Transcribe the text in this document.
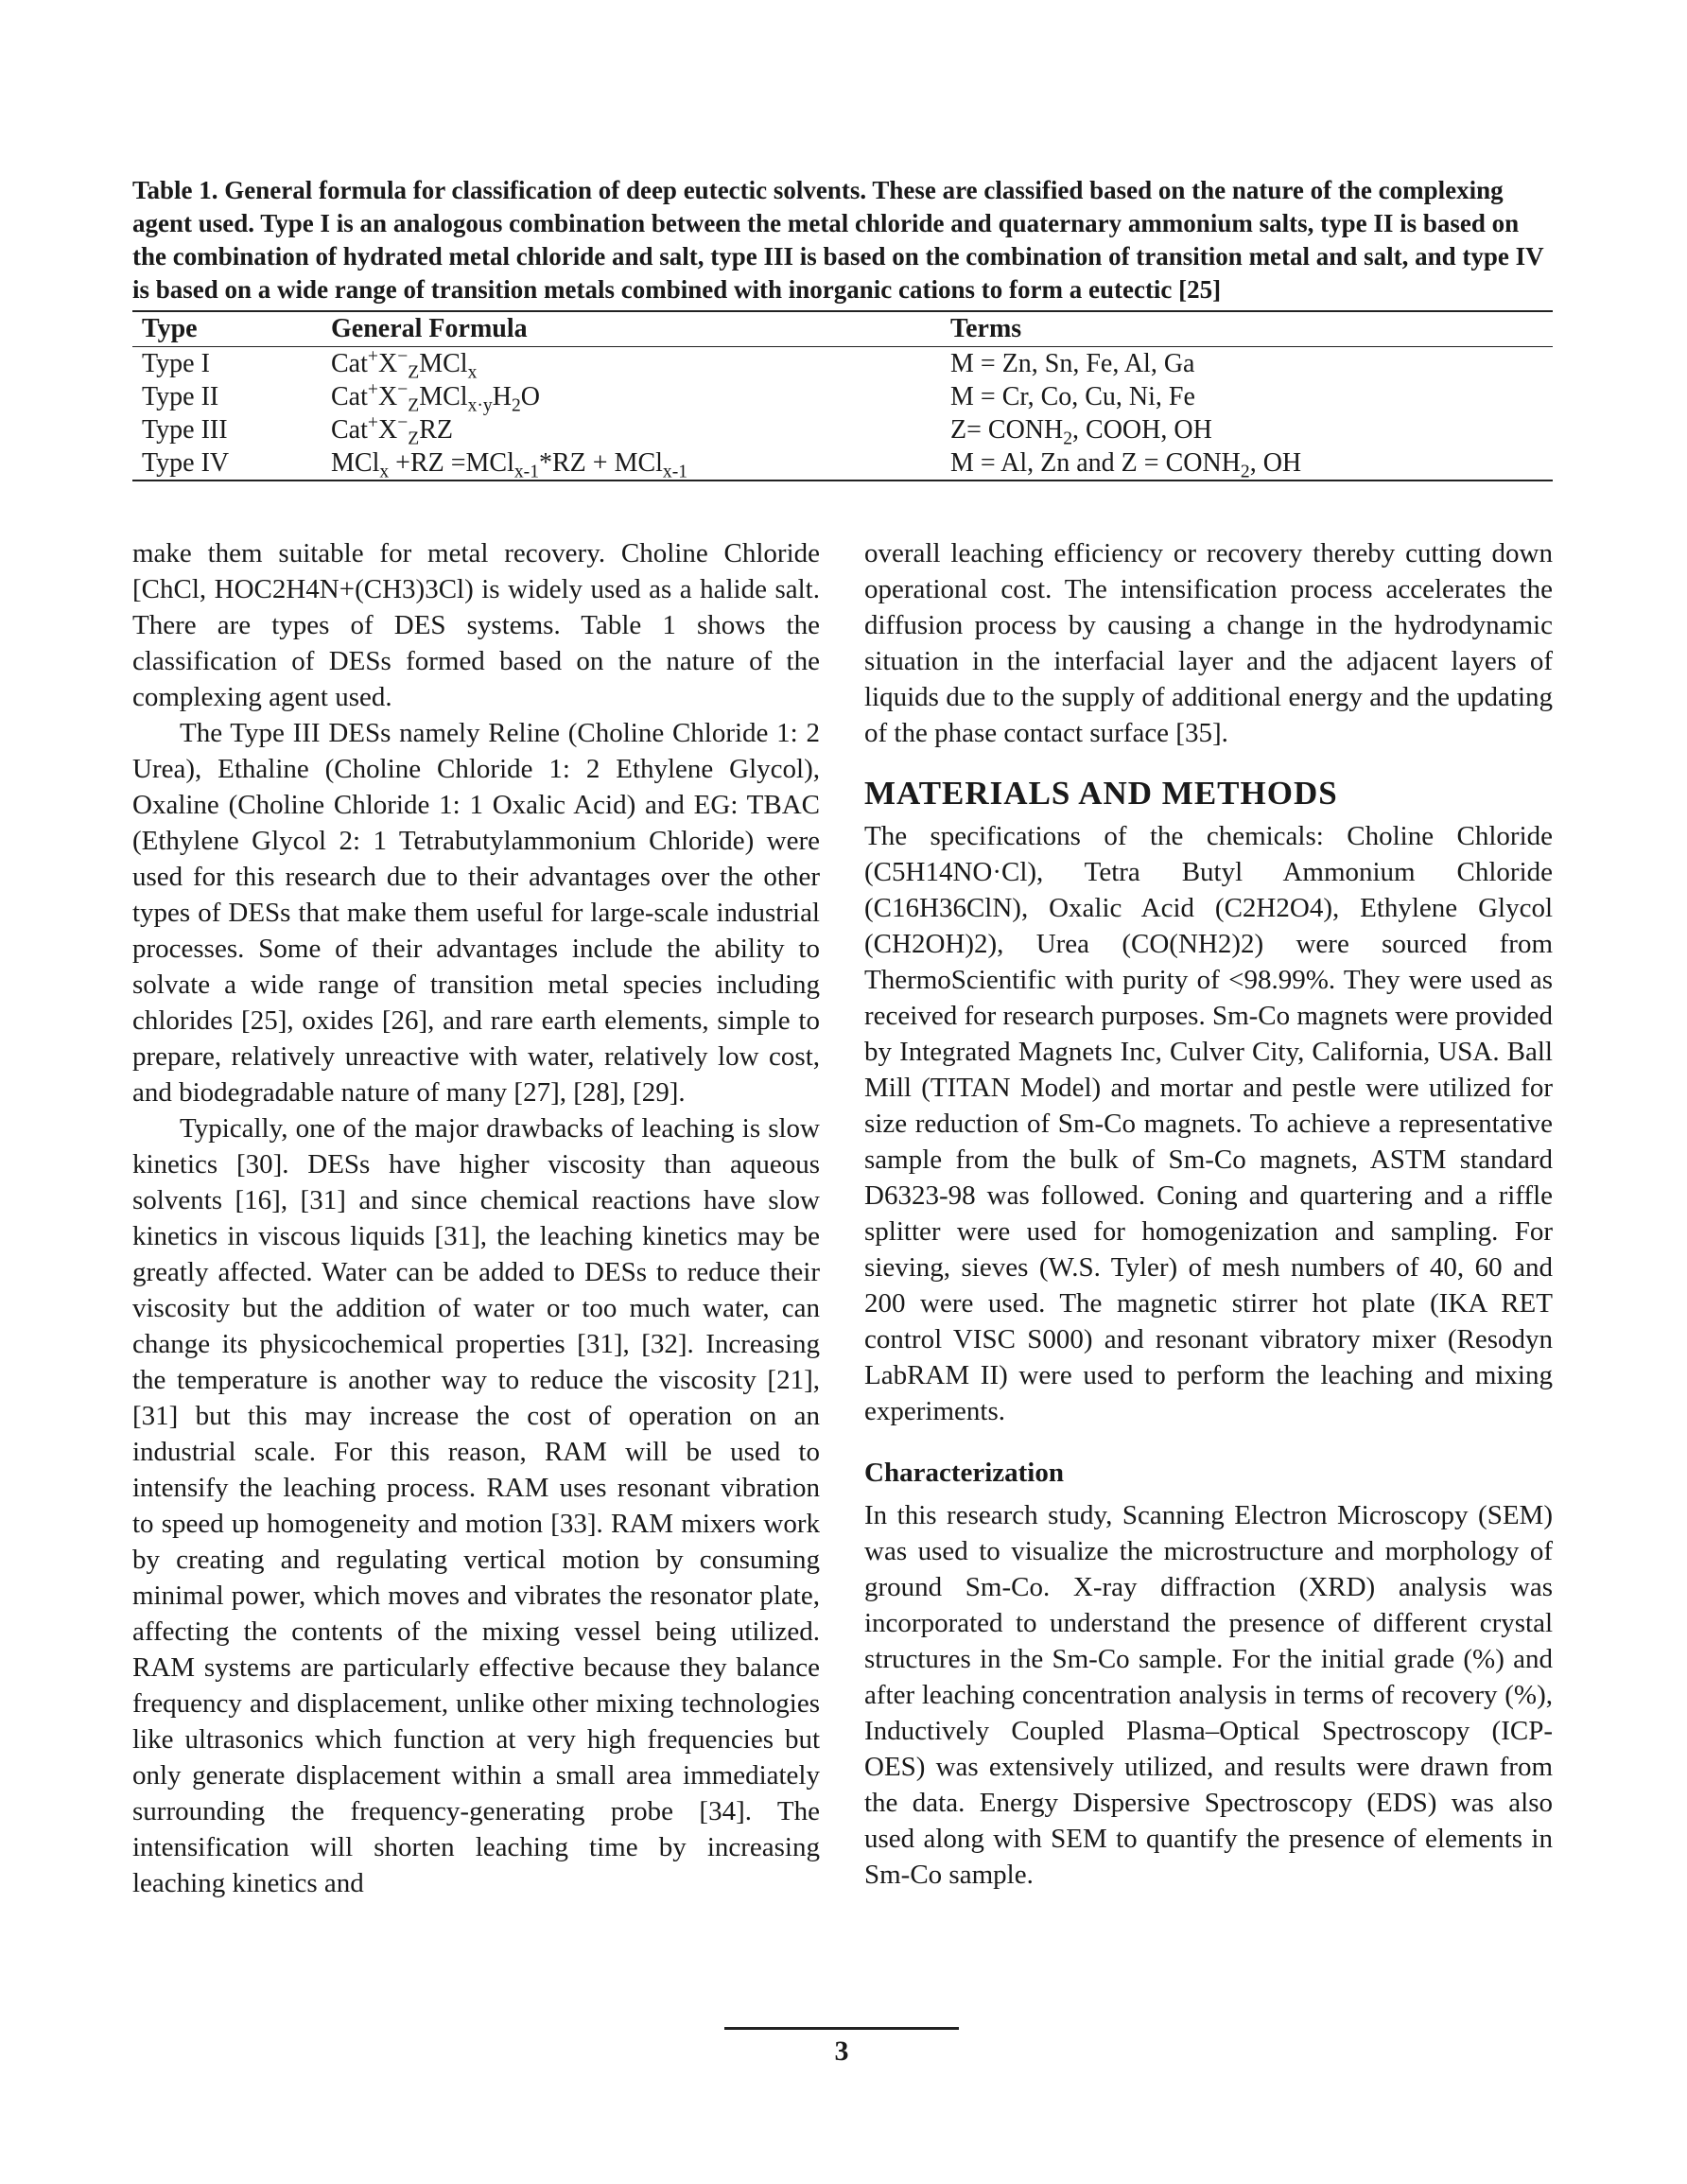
Table 1. General formula for classification of deep eutectic solvents. These are classified based on the nature of the complexing agent used. Type I is an analogous combination between the metal chloride and quaternary ammonium salts, type II is based on the combination of hydrated metal chloride and salt, type III is based on the combination of transition metal and salt, and type IV is based on a wide range of transition metals combined with inorganic cations to form a eutectic [25]
Type	General Formula	Terms
Type I	$Cat^+X^-_ZMCl_x$	M = Zn, Sn, Fe, Al, Ga
Type II	$Cat^+X^-_ZMCl_{x\cdot y}H_2O$	M = Cr, Co, Cu, Ni, Fe
Type III	$Cat^+X^-_ZRZ$	$Z= CONH_2$, COOH, OH
Type IV	MCl$_x$ +RZ =MCl$_{x-1}$*RZ + MCl$_{x-1}$	M = Al, Zn and $Z = CONH_2$, OH

make them suitable for metal recovery. Choline Chloride [ChCl, HOC2H4N+(CH3)3Cl) is widely used as a halide salt. There are types of DES systems. Table 1 shows the classification of DESs formed based on the nature of the complexing agent used.

The Type III DESs namely Reline (Choline Chloride 1: 2 Urea), Ethaline (Choline Chloride 1: 2 Ethylene Glycol), Oxaline (Choline Chloride 1: 1 Oxalic Acid) and EG: TBAC (Ethylene Glycol 2: 1 Tetrabutylammonium Chloride) were used for this research due to their advantages over the other types of DESs that make them useful for large-scale industrial processes. Some of their advantages include the ability to solvate a wide range of transition metal species including chlorides [25], oxides [26], and rare earth elements, simple to prepare, relatively unreactive with water, relatively low cost, and biodegradable nature of many [27], [28], [29].

Typically, one of the major drawbacks of leaching is slow kinetics [30]. DESs have higher viscosity than aqueous solvents [16], [31] and since chemical reactions have slow kinetics in viscous liquids [31], the leaching kinetics may be greatly affected. Water can be added to DESs to reduce their viscosity but the addition of water or too much water, can change its physicochemical properties [31], [32]. Increasing the temperature is another way to reduce the viscosity [21], [31] but this may increase the cost of operation on an industrial scale. For this reason, RAM will be used to intensify the leaching process. RAM uses resonant vibration to speed up homogeneity and motion [33]. RAM mixers work by creating and regulating vertical motion by consuming minimal power, which moves and vibrates the resonator plate, affecting the contents of the mixing vessel being utilized. RAM systems are particularly effective because they balance frequency and displacement, unlike other mixing technologies like ultrasonics which function at very high frequencies but only generate displacement within a small area immediately surrounding the frequency-generating probe [34]. The intensification will shorten leaching time by increasing leaching kinetics and

overall leaching efficiency or recovery thereby cutting down operational cost. The intensification process accelerates the diffusion process by causing a change in the hydrodynamic situation in the interfacial layer and the adjacent layers of liquids due to the supply of additional energy and the updating of the phase contact surface [35].

MATERIALS AND METHODS

The specifications of the chemicals: Choline Chloride (C5H14NO·Cl), Tetra Butyl Ammonium Chloride (C16H36ClN), Oxalic Acid (C2H2O4), Ethylene Glycol (CH2OH)2), Urea (CO(NH2)2) were sourced from ThermoScientific with purity of <98.99%. They were used as received for research purposes. Sm-Co magnets were provided by Integrated Magnets Inc, Culver City, California, USA. Ball Mill (TITAN Model) and mortar and pestle were utilized for size reduction of Sm-Co magnets. To achieve a representative sample from the bulk of Sm-Co magnets, ASTM standard D6323-98 was followed. Coning and quartering and a riffle splitter were used for homogenization and sampling. For sieving, sieves (W.S. Tyler) of mesh numbers of 40, 60 and 200 were used. The magnetic stirrer hot plate (IKA RET control VISC S000) and resonant vibratory mixer (Resodyn LabRAM II) were used to perform the leaching and mixing experiments.

Characterization

In this research study, Scanning Electron Microscopy (SEM) was used to visualize the microstructure and morphology of ground Sm-Co. X-ray diffraction (XRD) analysis was incorporated to understand the presence of different crystal structures in the Sm-Co sample. For the initial grade (%) and after leaching concentration analysis in terms of recovery (%), Inductively Coupled Plasma–Optical Spectroscopy (ICP-OES) was extensively utilized, and results were drawn from the data. Energy Dispersive Spectroscopy (EDS) was also used along with SEM to quantify the presence of elements in Sm-Co sample.

3
